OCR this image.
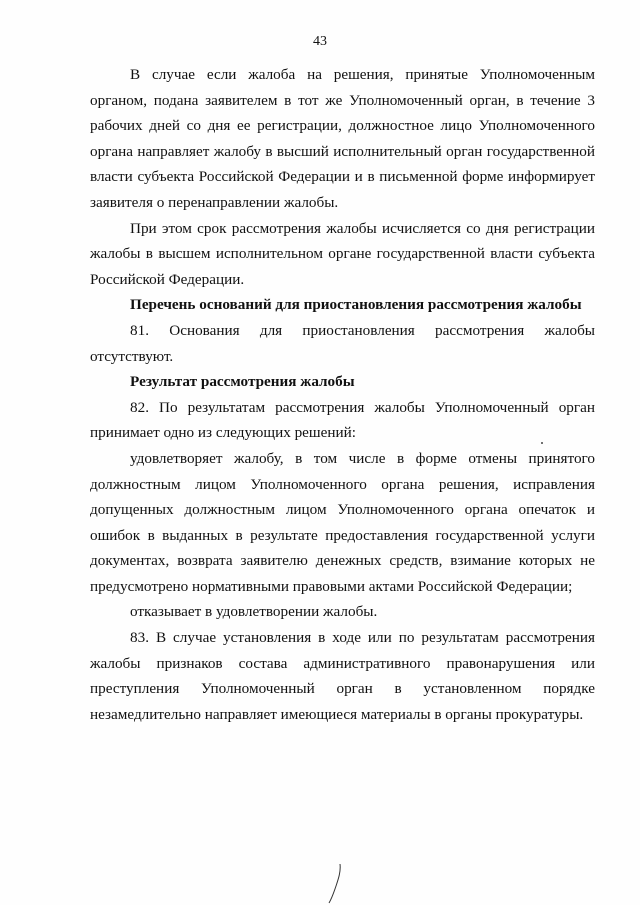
43

В случае если жалоба на решения, принятые Уполномоченным органом, подана заявителем в тот же Уполномоченный орган, в течение 3 рабочих дней со дня ее регистрации, должностное лицо Уполномоченного органа направляет жалобу в высший исполнительный орган государственной власти субъекта Российской Федерации и в письменной форме информирует заявителя о перенаправлении жалобы.

При этом срок рассмотрения жалобы исчисляется со дня регистрации жалобы в высшем исполнительном органе государственной власти субъекта Российской Федерации.

Перечень оснований для приостановления рассмотрения жалобы

81. Основания для приостановления рассмотрения жалобы отсутствуют.

Результат рассмотрения жалобы

82. По результатам рассмотрения жалобы Уполномоченный орган принимает одно из следующих решений:

удовлетворяет жалобу, в том числе в форме отмены принятого должностным лицом Уполномоченного органа решения, исправления допущенных должностным лицом Уполномоченного органа опечаток и ошибок в выданных в результате предоставления государственной услуги документах, возврата заявителю денежных средств, взимание которых не предусмотрено нормативными правовыми актами Российской Федерации;

отказывает в удовлетворении жалобы.

83. В случае установления в ходе или по результатам рассмотрения жалобы признаков состава административного правонарушения или преступления Уполномоченный орган в установленном порядке незамедлительно направляет имеющиеся материалы в органы прокуратуры.
